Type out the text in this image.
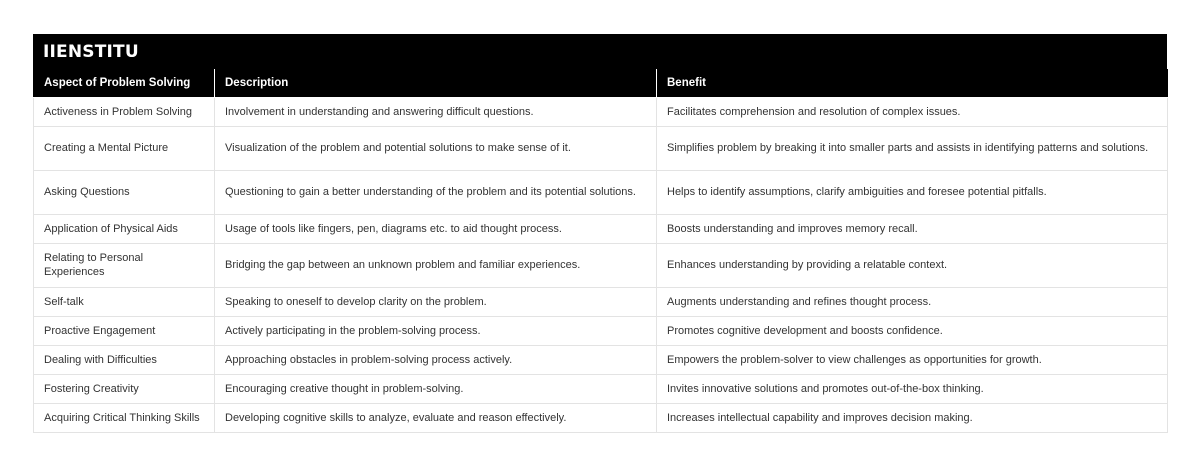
IIENSTITU
Aspect of Problem Solving	Description	Benefit
Activeness in Problem Solving	Involvement in understanding and answering difficult questions.	Facilitates comprehension and resolution of complex issues.
Creating a Mental Picture	Visualization of the problem and potential solutions to make sense of it.	Simplifies problem by breaking it into smaller parts and assists in identifying patterns and solutions.
Asking Questions	Questioning to gain a better understanding of the problem and its potential solutions.	Helps to identify assumptions, clarify ambiguities and foresee potential pitfalls.
Application of Physical Aids	Usage of tools like fingers, pen, diagrams etc. to aid thought process.	Boosts understanding and improves memory recall.
Relating to Personal Experiences	Bridging the gap between an unknown problem and familiar experiences.	Enhances understanding by providing a relatable context.
Self-talk	Speaking to oneself to develop clarity on the problem.	Augments understanding and refines thought process.
Proactive Engagement	Actively participating in the problem-solving process.	Promotes cognitive development and boosts confidence.
Dealing with Difficulties	Approaching obstacles in problem-solving process actively.	Empowers the problem-solver to view challenges as opportunities for growth.
Fostering Creativity	Encouraging creative thought in problem-solving.	Invites innovative solutions and promotes out-of-the-box thinking.
Acquiring Critical Thinking Skills	Developing cognitive skills to analyze, evaluate and reason effectively.	Increases intellectual capability and improves decision making.
